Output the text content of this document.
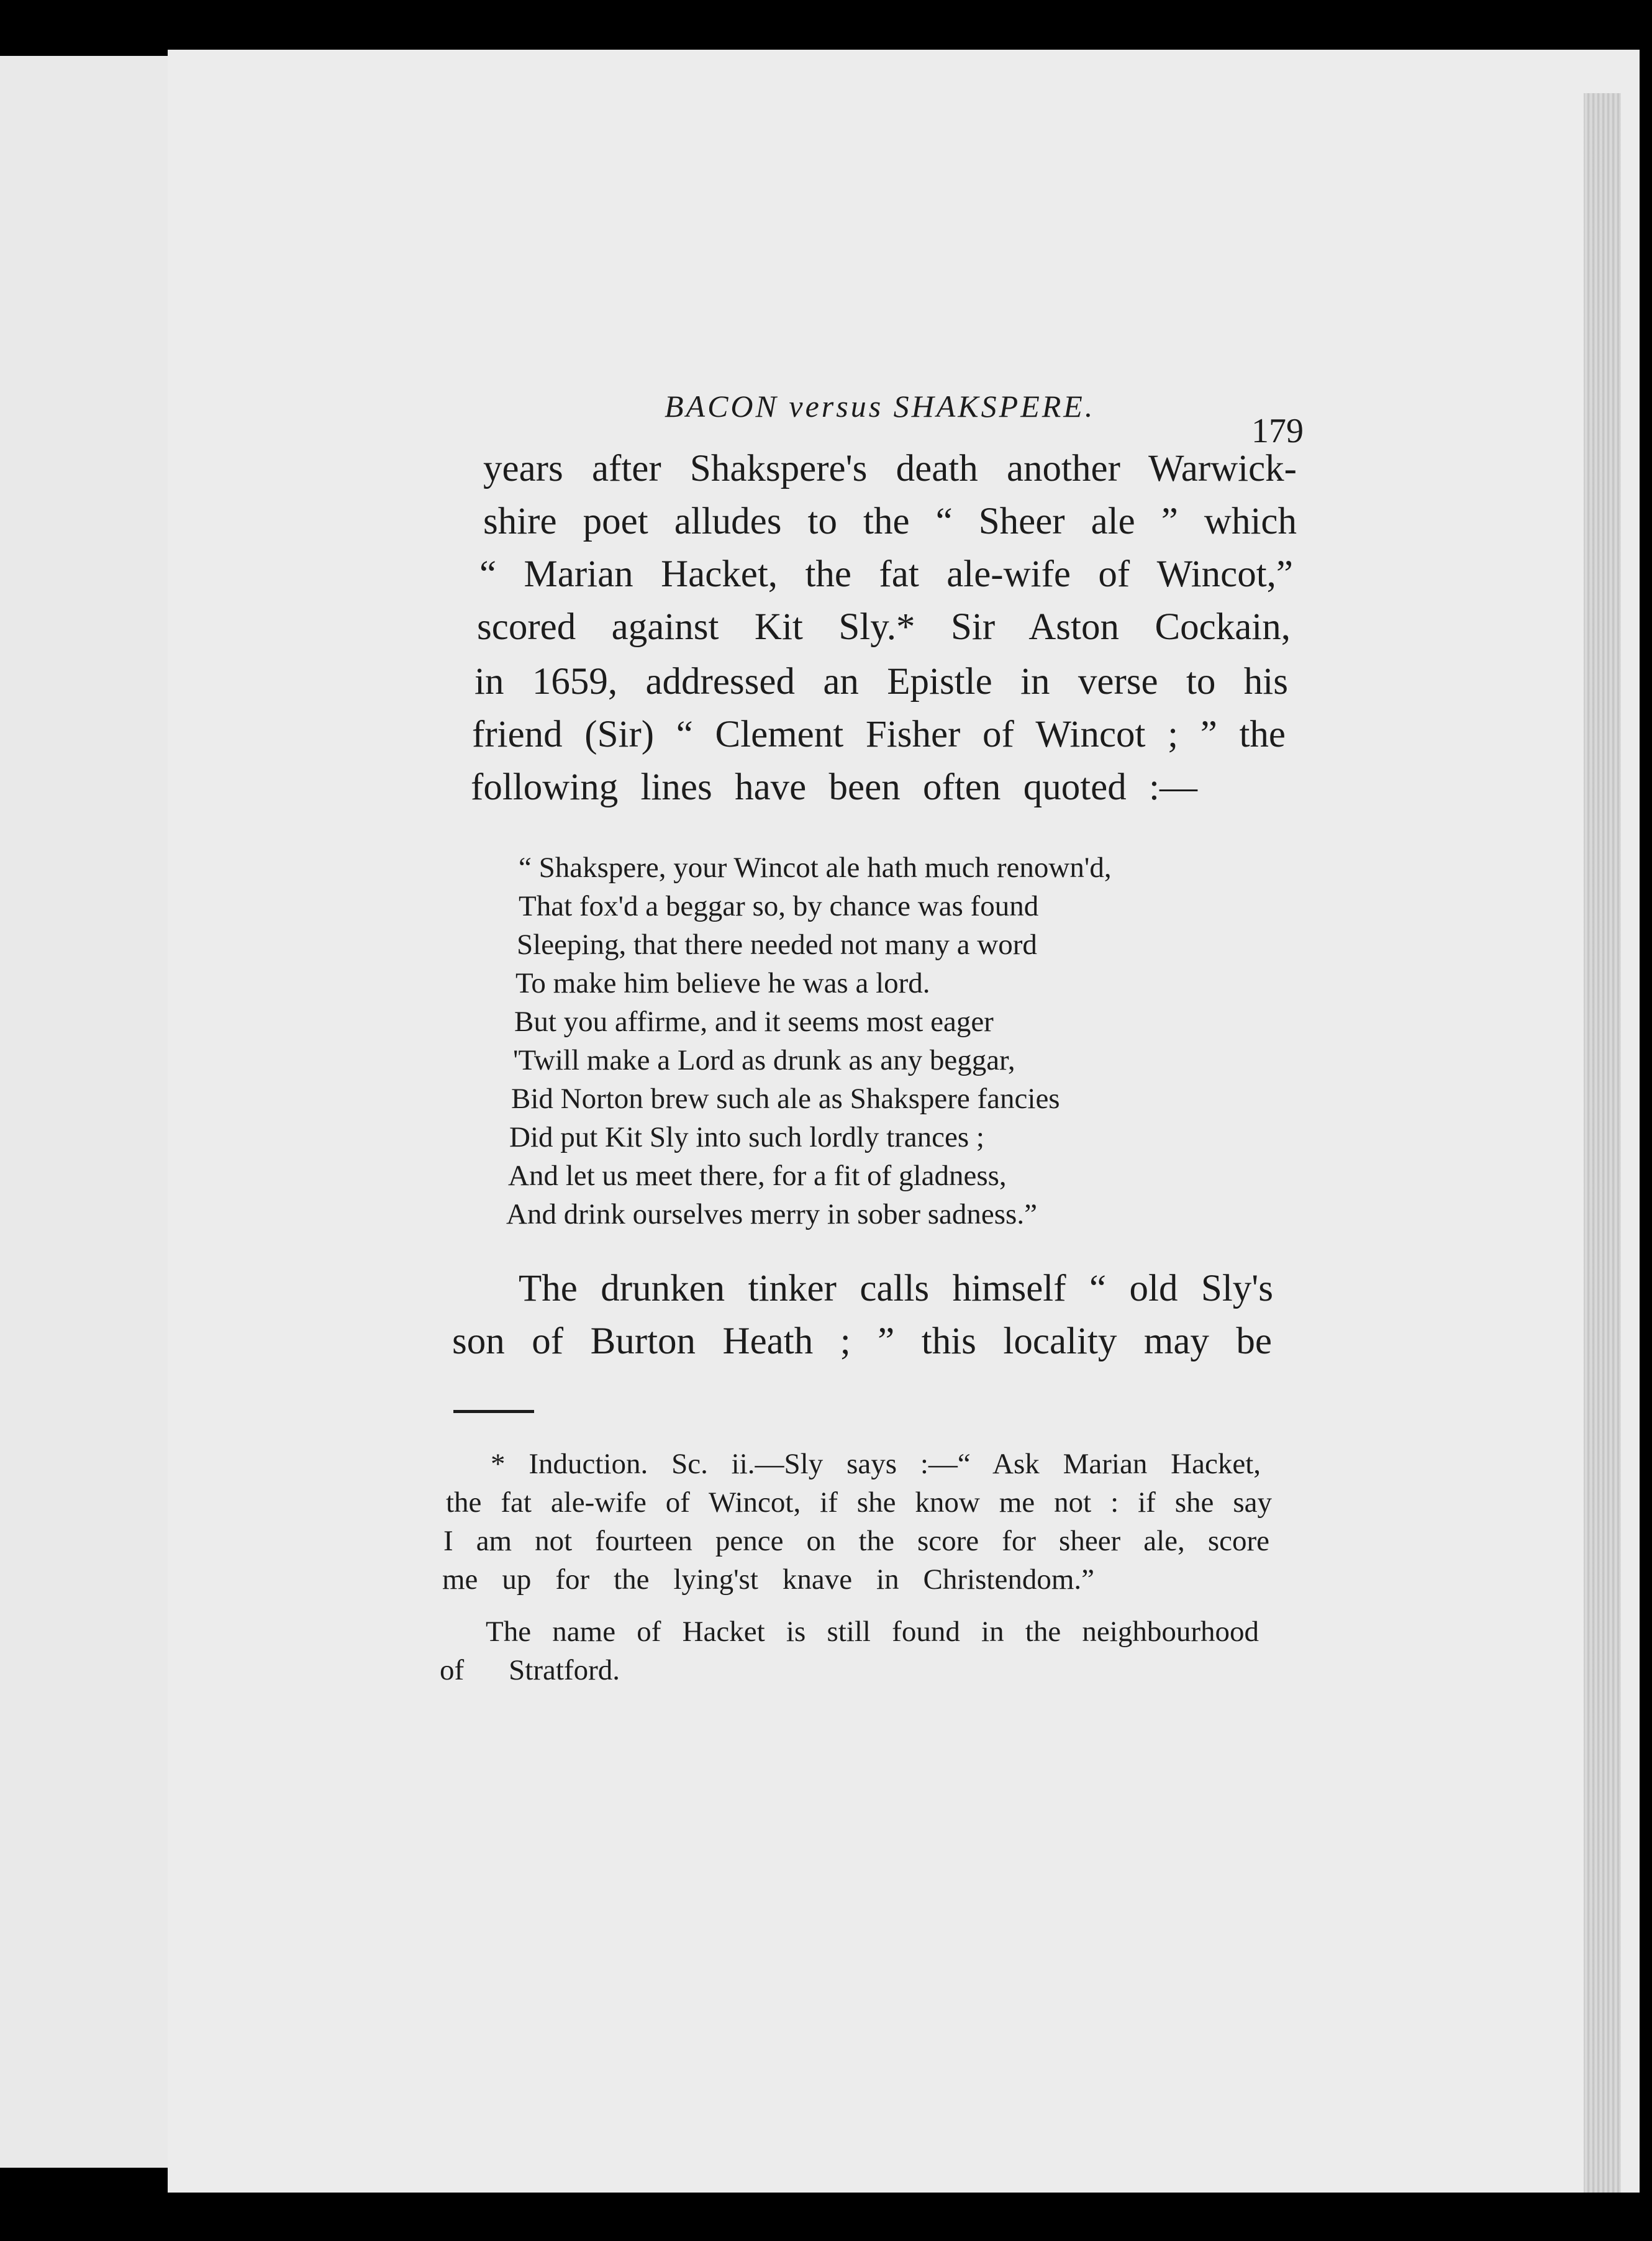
BACON versus SHAKSPERE.
179
years after Shakspere's death another Warwick-
shire poet alludes to the “ Sheer ale ” which
“ Marian Hacket, the fat ale-wife of Wincot,”
scored against Kit Sly.* Sir Aston Cockain,
in 1659, addressed an Epistle in verse to his
friend (Sir) “ Clement Fisher of Wincot ; ” the
following lines have been often quoted :—
“ Shakspere, your Wincot ale hath much renown'd,
That fox'd a beggar so, by chance was found
Sleeping, that there needed not many a word
To make him believe he was a lord.
But you affirme, and it seems most eager
'Twill make a Lord as drunk as any beggar,
Bid Norton brew such ale as Shakspere fancies
Did put Kit Sly into such lordly trances ;
And let us meet there, for a fit of gladness,
And drink ourselves merry in sober sadness.”
The drunken tinker calls himself “ old Sly's
son of Burton Heath ; ” this locality may be
* Induction. Sc. ii.—Sly says :—“ Ask Marian Hacket,
the fat ale-wife of Wincot, if she know me not : if she say
I am not fourteen pence on the score for sheer ale, score
me up for the lying'st knave in Christendom.”
The name of Hacket is still found in the neighbourhood
of Stratford.
